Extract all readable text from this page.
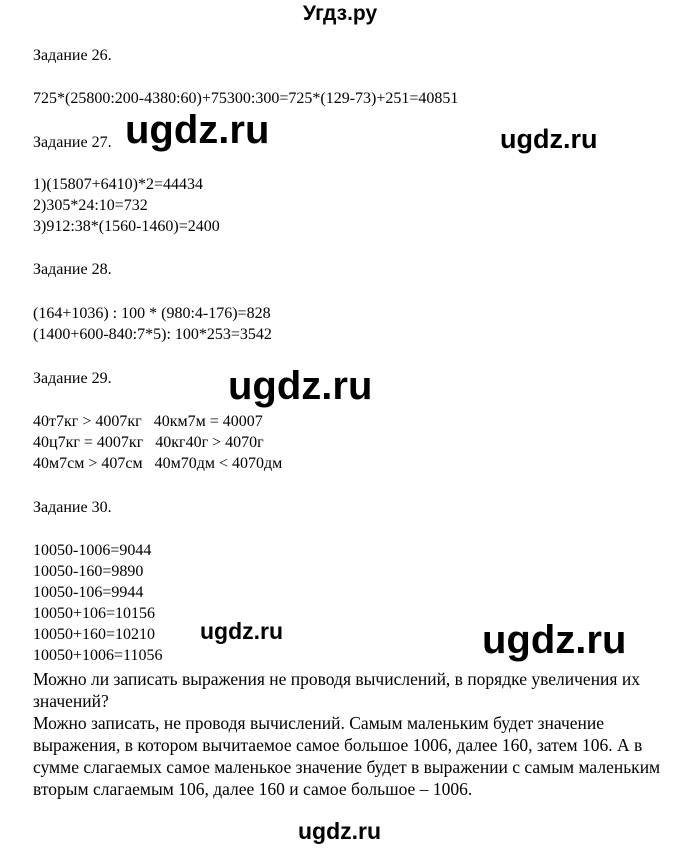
Угдз.ру
Задание 26.
725*(25800:200-4380:60)+75300:300=725*(129-73)+251=40851
Задание 27.
1)(15807+6410)*2=44434
2)305*24:10=732
3)912:38*(1560-1460)=2400
Задание 28.
(164+1036) : 100 * (980:4-176)=828
(1400+600-840:7*5): 100*253=3542
Задание 29.
40т7кг > 4007кг   40км7м = 40007
40ц7кг = 4007кг   40кг40г > 4070г
40м7см > 407см   40м70дм < 4070дм
Задание 30.
10050-1006=9044
10050-160=9890
10050-106=9944
10050+106=10156
10050+160=10210
10050+1006=11056
Можно ли записать выражения не проводя вычислений, в порядке увеличения их значений?
Можно записать, не проводя вычислений. Самым маленьким будет значение выражения, в котором вычитаемое самое большое 1006, далее 160, затем 106. А в сумме слагаемых самое маленькое значение будет в выражении с самым маленьким вторым слагаемым 106, далее 160 и самое большое – 1006.
ugdz.ru	ugdz.ru
ugdz.ru
ugdz.ru	ugdz.ru
ugdz.ru
